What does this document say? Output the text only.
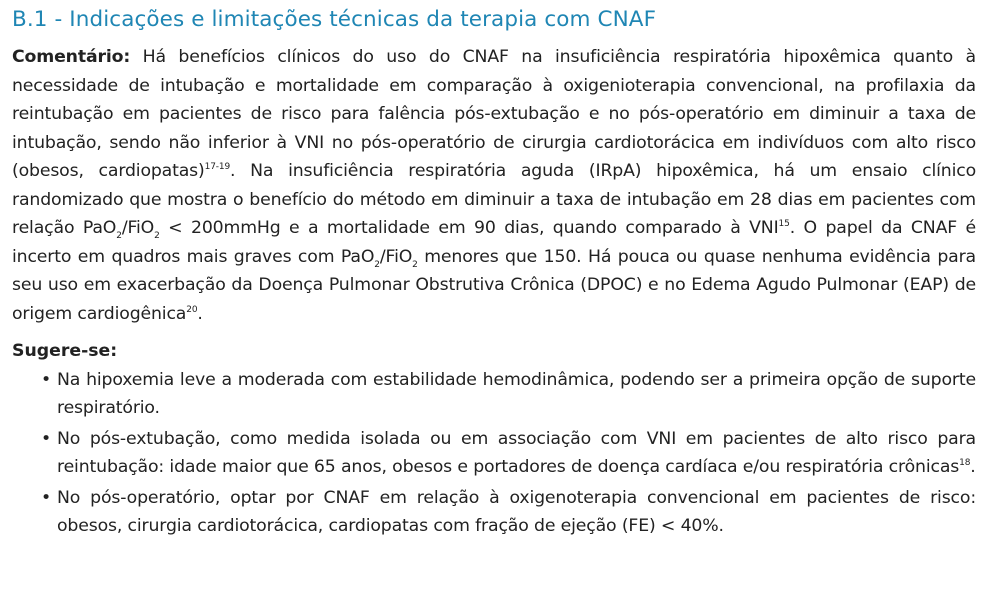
B.1 - Indicações e limitações técnicas da terapia com CNAF

Comentário: Há benefícios clínicos do uso do CNAF na insuficiência respiratória hipoxêmica quanto à necessidade de intubação e mortalidade em comparação à oxigenioterapia convencional, na profilaxia da reintubação em pacientes de risco para falência pós-extubação e no pós-operatório em diminuir a taxa de intubação, sendo não inferior à VNI no pós-operatório de cirurgia cardiotorácica em indivíduos com alto risco (obesos, cardiopatas)$^{17-19}$. Na insuficiência respiratória aguda (IRpA) hipoxêmica, há um ensaio clínico randomizado que mostra o benefício do método em diminuir a taxa de intubação em 28 dias em pacientes com relação PaO$_2$/FiO$_2$ < 200mmHg e a mortalidade em 90 dias, quando comparado à VNI$^{15}$. O papel da CNAF é incerto em quadros mais graves com PaO$_2$/FiO$_2$ menores que 150. Há pouca ou quase nenhuma evidência para seu uso em exacerbação da Doença Pulmonar Obstrutiva Crônica (DPOC) e no Edema Agudo Pulmonar (EAP) de origem cardiogênica$^{20}$.

Sugere-se:

• Na hipoxemia leve a moderada com estabilidade hemodinâmica, podendo ser a primeira opção de suporte respiratório.
• No pós-extubação, como medida isolada ou em associação com VNI em pacientes de alto risco para reintubação: idade maior que 65 anos, obesos e portadores de doença cardíaca e/ou respiratória crônicas$^{18}$.
• No pós-operatório, optar por CNAF em relação à oxigenoterapia convencional em pacientes de risco: obesos, cirurgia cardiotorácica, cardiopatas com fração de ejeção (FE) < 40%.
